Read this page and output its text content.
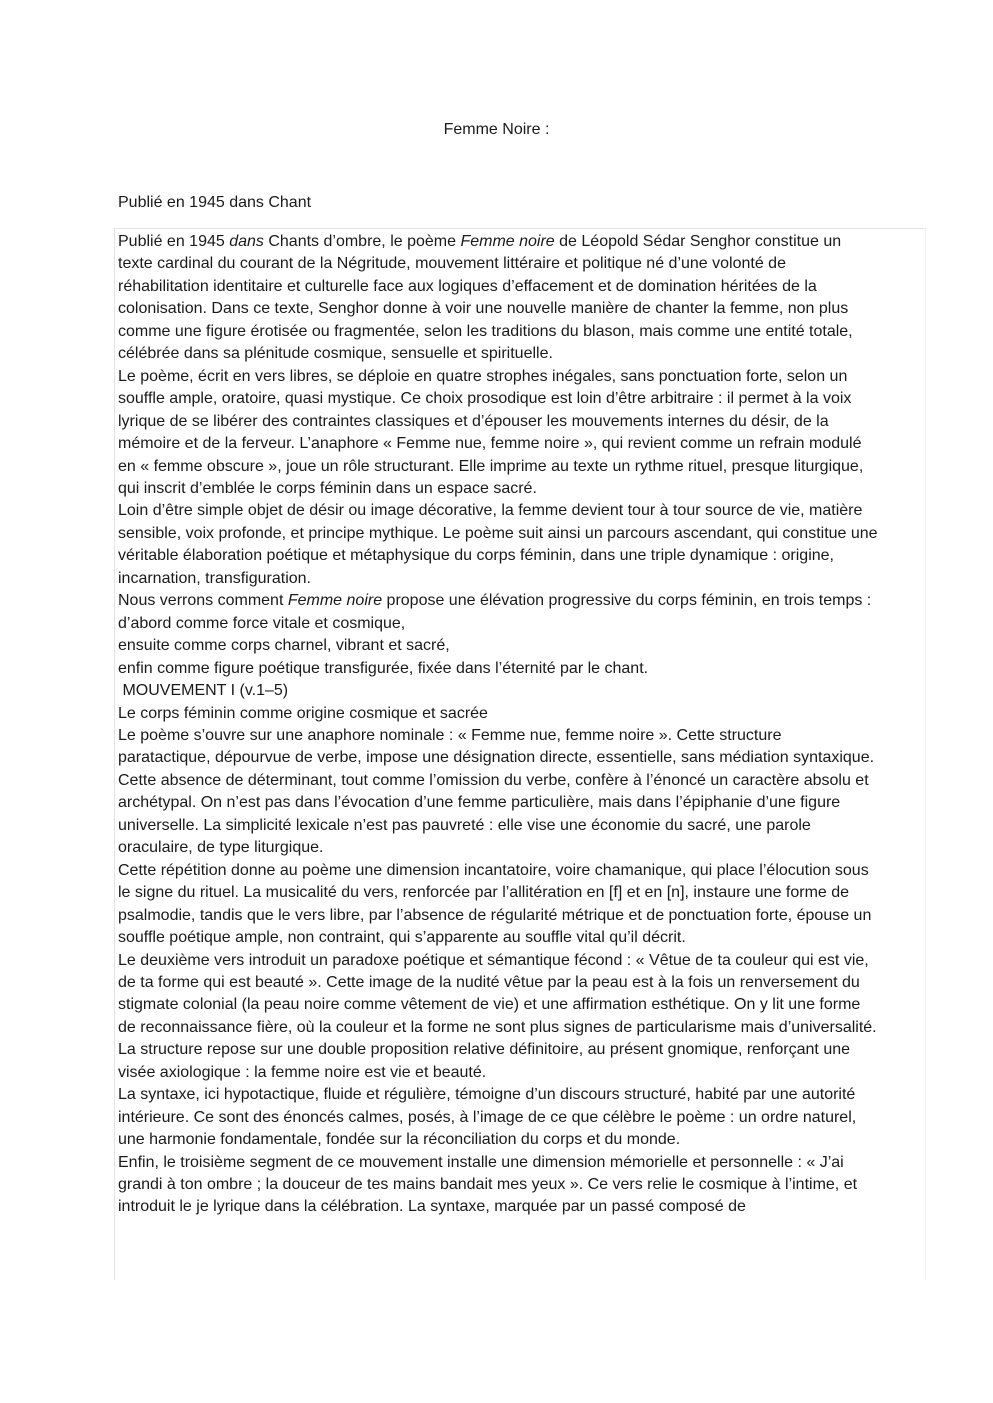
Femme Noire :

Publié en 1945 dans Chant

Publié en 1945 dans Chants d’ombre, le poème Femme noire de Léopold Sédar Senghor constitue un texte cardinal du courant de la Négritude, mouvement littéraire et politique né d’une volonté de réhabilitation identitaire et culturelle face aux logiques d’effacement et de domination héritées de la colonisation. Dans ce texte, Senghor donne à voir une nouvelle manière de chanter la femme, non plus comme une figure érotisée ou fragmentée, selon les traditions du blason, mais comme une entité totale, célébrée dans sa plénitude cosmique, sensuelle et spirituelle.

Le poème, écrit en vers libres, se déploie en quatre strophes inégales, sans ponctuation forte, selon un souffle ample, oratoire, quasi mystique. Ce choix prosodique est loin d’être arbitraire : il permet à la voix lyrique de se libérer des contraintes classiques et d’épouser les mouvements internes du désir, de la mémoire et de la ferveur. L’anaphore « Femme nue, femme noire », qui revient comme un refrain modulé en « femme obscure », joue un rôle structurant. Elle imprime au texte un rythme rituel, presque liturgique, qui inscrit d’emblée le corps féminin dans un espace sacré.

Loin d’être simple objet de désir ou image décorative, la femme devient tour à tour source de vie, matière sensible, voix profonde, et principe mythique. Le poème suit ainsi un parcours ascendant, qui constitue une véritable élaboration poétique et métaphysique du corps féminin, dans une triple dynamique : origine, incarnation, transfiguration.

Nous verrons comment Femme noire propose une élévation progressive du corps féminin, en trois temps :

d’abord comme force vitale et cosmique,

ensuite comme corps charnel, vibrant et sacré,

enfin comme figure poétique transfigurée, fixée dans l’éternité par le chant.

MOUVEMENT I (v.1–5)

Le corps féminin comme origine cosmique et sacrée

Le poème s’ouvre sur une anaphore nominale : « Femme nue, femme noire ». Cette structure paratactique, dépourvue de verbe, impose une désignation directe, essentielle, sans médiation syntaxique. Cette absence de déterminant, tout comme l’omission du verbe, confère à l’énoncé un caractère absolu et archétypal. On n’est pas dans l’évocation d’une femme particulière, mais dans l’épiphanie d’une figure universelle. La simplicité lexicale n’est pas pauvreté : elle vise une économie du sacré, une parole oraculaire, de type liturgique.

Cette répétition donne au poème une dimension incantatoire, voire chamanique, qui place l’élocution sous le signe du rituel. La musicalité du vers, renforcée par l’allitération en [f] et en [n], instaure une forme de psalmodie, tandis que le vers libre, par l’absence de régularité métrique et de ponctuation forte, épouse un souffle poétique ample, non contraint, qui s’apparente au souffle vital qu’il décrit.

Le deuxième vers introduit un paradoxe poétique et sémantique fécond : « Vêtue de ta couleur qui est vie, de ta forme qui est beauté ». Cette image de la nudité vêtue par la peau est à la fois un renversement du stigmate colonial (la peau noire comme vêtement de vie) et une affirmation esthétique. On y lit une forme de reconnaissance fière, où la couleur et la forme ne sont plus signes de particularisme mais d’universalité. La structure repose sur une double proposition relative définitoire, au présent gnomique, renforçant une visée axiologique : la femme noire est vie et beauté.

La syntaxe, ici hypotactique, fluide et régulière, témoigne d’un discours structuré, habité par une autorité intérieure. Ce sont des énoncés calmes, posés, à l’image de ce que célèbre le poème : un ordre naturel, une harmonie fondamentale, fondée sur la réconciliation du corps et du monde.

Enfin, le troisième segment de ce mouvement installe une dimension mémorielle et personnelle : « J’ai grandi à ton ombre ; la douceur de tes mains bandait mes yeux ». Ce vers relie le cosmique à l’intime, et introduit le je lyrique dans la célébration. La syntaxe, marquée par un passé composé de
